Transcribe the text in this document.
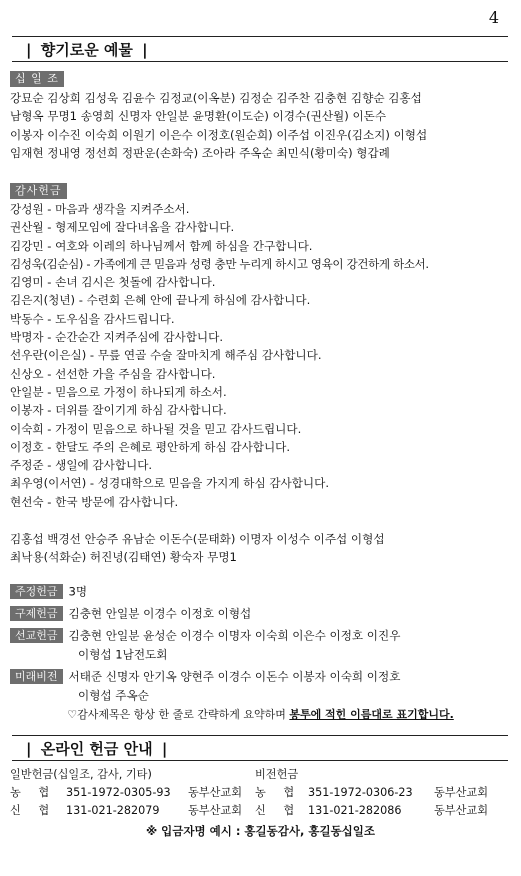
4
| 향기로운 예물 |
십 일 조
강묘순 김상희 김성욱 김윤수 김정교(이옥분) 김정순 김주찬 김충현 김향순 김홍섭
남형옥 무명1 송영희 신명자 안일분 윤명환(이도순) 이경수(권산월) 이돈수
이봉자 이수진 이숙희 이원기 이은수 이정호(원순희) 이주섭 이진우(김소지) 이형섭
임재현 정내영 정선희 정판운(손화숙) 조아라 주옥순 최민식(황미숙) 형갑례
감사헌금
강성원 - 마음과 생각을 지켜주소서.
권산월 - 형제모임에 잘다녀옴을 감사합니다.
김강민 - 여호와 이레의 하나님께서 함께 하심을 간구합니다.
김성욱(김순심) - 가족에게 큰 믿음과 성령 충만 누리게 하시고 영육이 강건하게 하소서.
김영미 - 손녀 김시은 첫돌에 감사합니다.
김은지(청년) - 수련회 은혜 안에 끝나게 하심에 감사합니다.
박동수 - 도우심을 감사드립니다.
박명자 - 순간순간 지켜주심에 감사합니다.
선우란(이은실) - 무릎 연골 수술 잘마치게 해주심 감사합니다.
신상오 - 선선한 가을 주심을 감사합니다.
안일분 - 믿음으로 가정이 하나되게 하소서.
이봉자 - 더위를 잘이기게 하심 감사합니다.
이숙희 - 가정이 믿음으로 하나될 것을 믿고 감사드립니다.
이정호 - 한달도 주의 은혜로 평안하게 하심 감사합니다.
주정준 - 생일에 감사합니다.
최우영(이서연) - 성경대학으로 믿음을 가지게 하심 감사합니다.
현선숙 - 한국 방문에 감사합니다.
김홍섭 백경선 안승주 유남순 이돈수(문태화) 이명자 이성수 이주섭 이형섭
최낙용(석화순) 허진녕(김태연) 황숙자 무명1
주정헌금 3명
구제헌금 김충현 안일분 이경수 이정호 이형섭
선교헌금 김충현 안일분 윤성순 이경수 이명자 이숙희 이은수 이정호 이진우
이형섭 1남전도회
미래비전 서태준 신명자 안기옥 양현주 이경수 이돈수 이봉자 이숙희 이정호
이형섭 주옥순
♡감사제목은 항상 한 줄로 간략하게 요약하며 봉투에 적힌 이름대로 표기합니다.
| 온라인 헌금 안내 |
일반헌금(십일조, 감사, 기타)	비전헌금
농 협 351-1972-0305-93 동부산교회 농 협 351-1972-0306-23 동부산교회
신 협 131-021-282079	동부산교회 신 협 131-021-282086	동부산교회
※ 입금자명 예시 : 홍길동감사, 홍길동십일조
